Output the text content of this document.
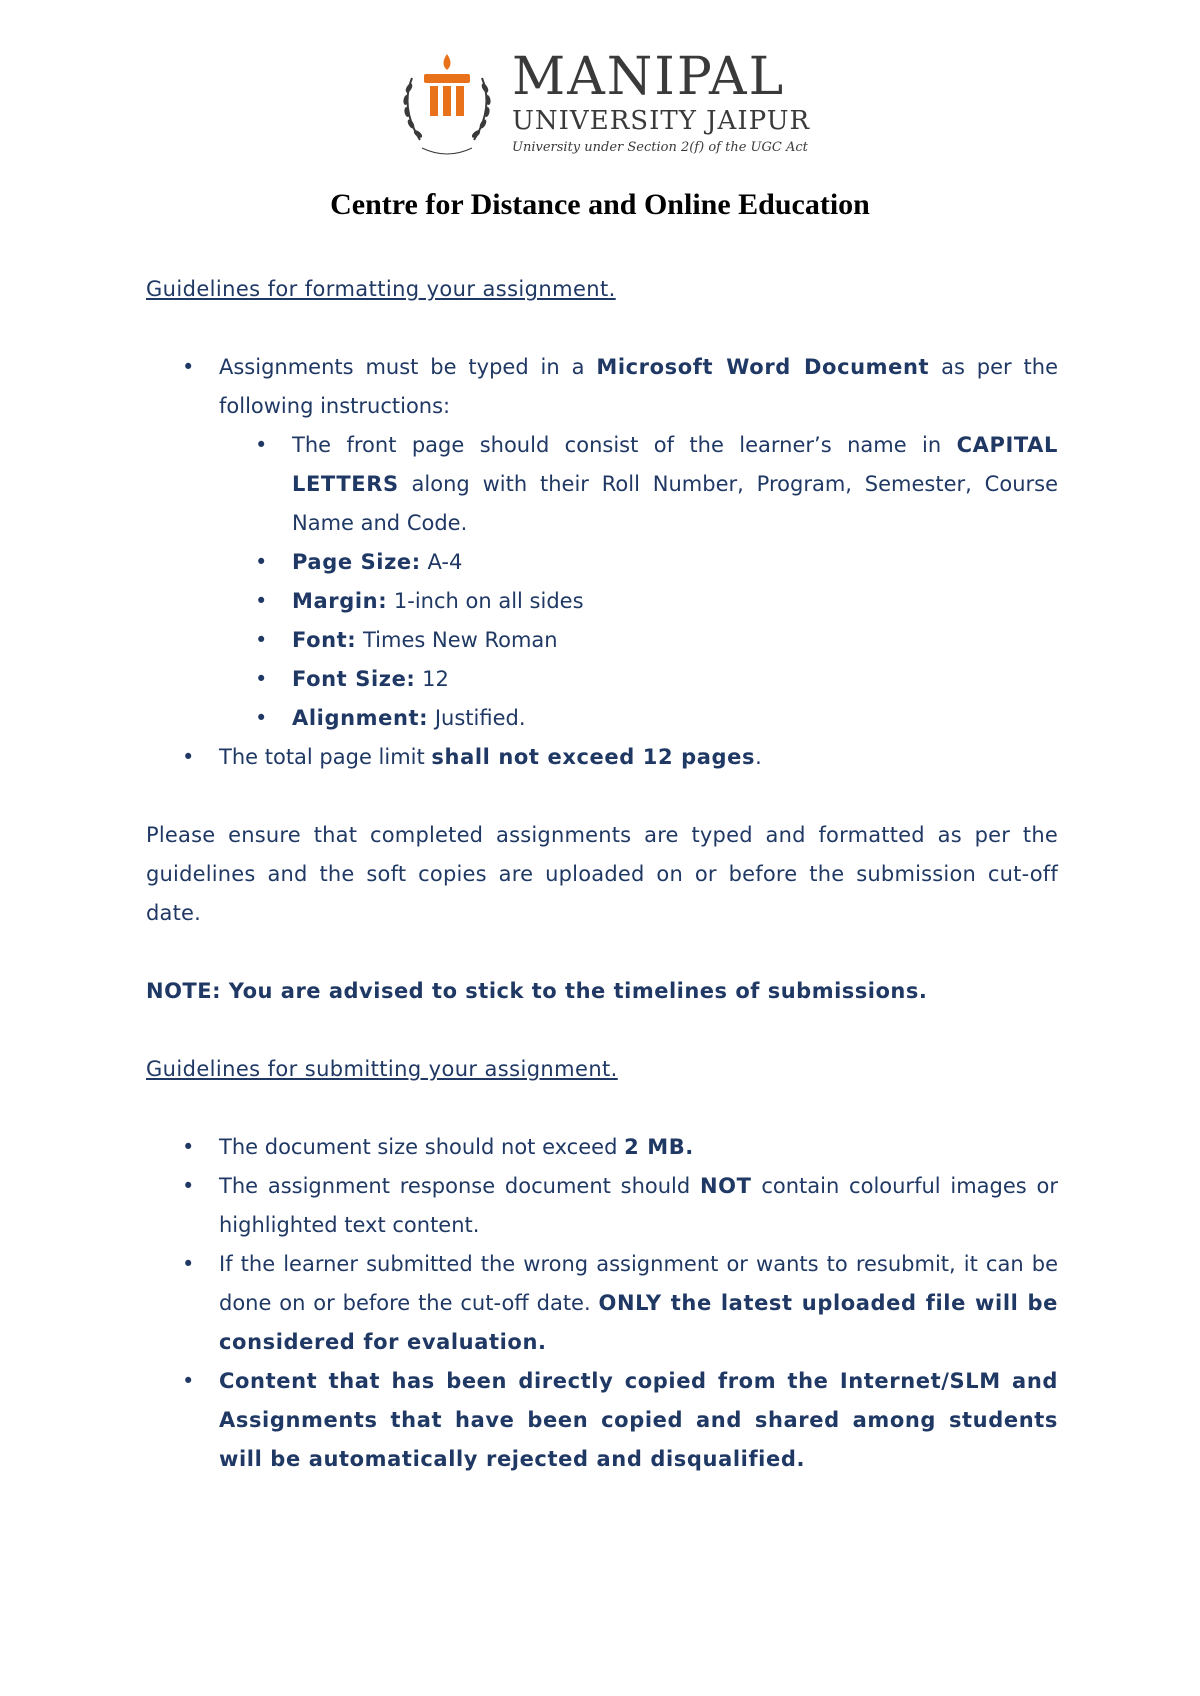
MANIPAL
UNIVERSITY JAIPUR
University under Section 2(f) of the UGC Act
Centre for Distance and Online Education

Guidelines for formatting your assignment.

• Assignments must be typed in a Microsoft Word Document as per the following instructions:
• The front page should consist of the learner’s name in CAPITAL LETTERS along with their Roll Number, Program, Semester, Course Name and Code.
• Page Size: A-4
• Margin: 1-inch on all sides
• Font: Times New Roman
• Font Size: 12
• Alignment: Justified.
• The total page limit shall not exceed 12 pages.

Please ensure that completed assignments are typed and formatted as per the guidelines and the soft copies are uploaded on or before the submission cut-off date.

NOTE: You are advised to stick to the timelines of submissions.

Guidelines for submitting your assignment.

• The document size should not exceed 2 MB.
• The assignment response document should NOT contain colourful images or highlighted text content.
• If the learner submitted the wrong assignment or wants to resubmit, it can be done on or before the cut-off date. ONLY the latest uploaded file will be considered for evaluation.
• Content that has been directly copied from the Internet/SLM and Assignments that have been copied and shared among students will be automatically rejected and disqualified.
